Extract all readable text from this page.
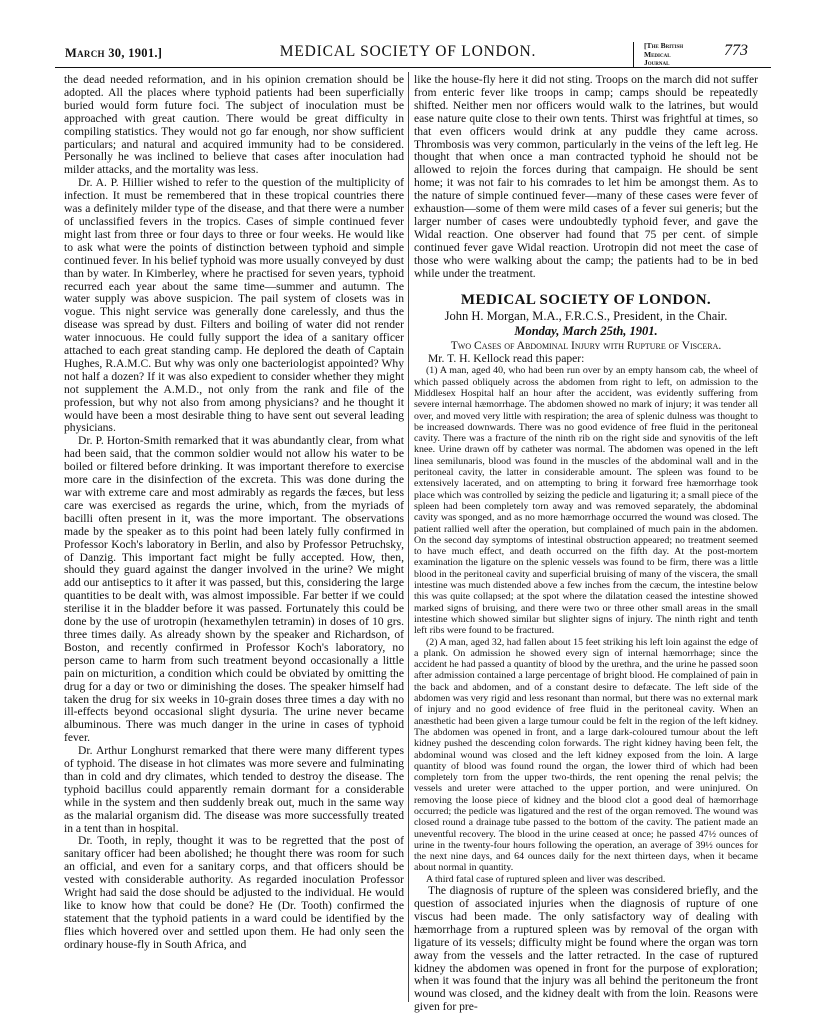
March 30, 1901.]	MEDICAL SOCIETY OF LONDON.	[The British Medical Journal
773

the dead needed reformation, and in his opinion cremation should be adopted. All the places where typhoid patients had been superficially buried would form future foci. The subject of inoculation must be approached with great caution. There would be great difficulty in compiling statistics. They would not go far enough, nor show sufficient particulars; and natural and acquired immunity had to be considered. Personally he was inclined to believe that cases after inoculation had milder attacks, and the mortality was less.

Dr. A. P. Hillier wished to refer to the question of the multiplicity of infection. It must be remembered that in these tropical countries there was a definitely milder type of the disease, and that there were a number of unclassified fevers in the tropics. Cases of simple continued fever might last from three or four days to three or four weeks. He would like to ask what were the points of distinction between typhoid and simple continued fever. In his belief typhoid was more usually conveyed by dust than by water. In Kimberley, where he practised for seven years, typhoid recurred each year about the same time—summer and autumn. The water supply was above suspicion. The pail system of closets was in vogue. This night service was generally done carelessly, and thus the disease was spread by dust. Filters and boiling of water did not render water innocuous. He could fully support the idea of a sanitary officer attached to each great standing camp. He deplored the death of Captain Hughes, R.A.M.C. But why was only one bacteriologist appointed? Why not half a dozen? If it was also expedient to consider whether they might not supplement the A.M.D., not only from the rank and file of the profession, but why not also from among physicians? and he thought it would have been a most desirable thing to have sent out several leading physicians.

Dr. P. Horton-Smith remarked that it was abundantly clear, from what had been said, that the common soldier would not allow his water to be boiled or filtered before drinking. It was important therefore to exercise more care in the disinfection of the excreta. This was done during the war with extreme care and most admirably as regards the fæces, but less care was exercised as regards the urine, which, from the myriads of bacilli often present in it, was the more important. The observations made by the speaker as to this point had been lately fully confirmed in Professor Koch's laboratory in Berlin, and also by Professor Petruchsky, of Danzig. This important fact might be fully accepted. How, then, should they guard against the danger involved in the urine? We might add our antiseptics to it after it was passed, but this, considering the large quantities to be dealt with, was almost impossible. Far better if we could sterilise it in the bladder before it was passed. Fortunately this could be done by the use of urotropin (hexamethylen tetramin) in doses of 10 grs. three times daily. As already shown by the speaker and Richardson, of Boston, and recently confirmed in Professor Koch's laboratory, no person came to harm from such treatment beyond occasionally a little pain on micturition, a condition which could be obviated by omitting the drug for a day or two or diminishing the doses. The speaker himself had taken the drug for six weeks in 10-grain doses three times a day with no ill-effects beyond occasional slight dysuria. The urine never became albuminous. There was much danger in the urine in cases of typhoid fever.

Dr. Arthur Longhurst remarked that there were many different types of typhoid. The disease in hot climates was more severe and fulminating than in cold and dry climates, which tended to destroy the disease. The typhoid bacillus could apparently remain dormant for a considerable while in the system and then suddenly break out, much in the same way as the malarial organism did. The disease was more successfully treated in a tent than in hospital.

Dr. Tooth, in reply, thought it was to be regretted that the post of sanitary officer had been abolished; he thought there was room for such an official, and even for a sanitary corps, and that officers should be vested with considerable authority. As regarded inoculation Professor Wright had said the dose should be adjusted to the individual. He would like to know how that could be done? He (Dr. Tooth) confirmed the statement that the typhoid patients in a ward could be identified by the flies which hovered over and settled upon them. He had only seen the ordinary house-fly in South Africa, and

like the house-fly here it did not sting. Troops on the march did not suffer from enteric fever like troops in camp; camps should be repeatedly shifted. Neither men nor officers would walk to the latrines, but would ease nature quite close to their own tents. Thirst was frightful at times, so that even officers would drink at any puddle they came across. Thrombosis was very common, particularly in the veins of the left leg. He thought that when once a man contracted typhoid he should not be allowed to rejoin the forces during that campaign. He should be sent home; it was not fair to his comrades to let him be amongst them. As to the nature of simple continued fever—many of these cases were fever of exhaustion—some of them were mild cases of a fever sui generis; but the larger number of cases were undoubtedly typhoid fever, and gave the Widal reaction. One observer had found that 75 per cent. of simple continued fever gave Widal reaction. Urotropin did not meet the case of those who were walking about the camp; the patients had to be in bed while under the treatment.

MEDICAL SOCIETY OF LONDON.
John H. Morgan, M.A., F.R.C.S., President, in the Chair.
Monday, March 25th, 1901.
Two Cases of Abdominal Injury with Rupture of Viscera.

Mr. T. H. Kellock read this paper:

(1) A man, aged 40, who had been run over by an empty hansom cab, the wheel of which passed obliquely across the abdomen from right to left, on admission to the Middlesex Hospital half an hour after the accident, was evidently suffering from severe internal hæmorrhage. The abdomen showed no mark of injury; it was tender all over, and moved very little with respiration; the area of splenic dulness was thought to be increased downwards. There was no good evidence of free fluid in the peritoneal cavity. There was a fracture of the ninth rib on the right side and synovitis of the left knee. Urine drawn off by catheter was normal. The abdomen was opened in the left linea semilunaris, blood was found in the muscles of the abdominal wall and in the peritoneal cavity, the latter in considerable amount. The spleen was found to be extensively lacerated, and on attempting to bring it forward free hæmorrhage took place which was controlled by seizing the pedicle and ligaturing it; a small piece of the spleen had been completely torn away and was removed separately, the abdominal cavity was sponged, and as no more hæmorrhage occurred the wound was closed. The patient rallied well after the operation, but complained of much pain in the abdomen. On the second day symptoms of intestinal obstruction appeared; no treatment seemed to have much effect, and death occurred on the fifth day. At the post-mortem examination the ligature on the splenic vessels was found to be firm, there was a little blood in the peritoneal cavity and superficial bruising of many of the viscera, the small intestine was much distended above a few inches from the cæcum, the intestine below this was quite collapsed; at the spot where the dilatation ceased the intestine showed marked signs of bruising, and there were two or three other small areas in the small intestine which showed similar but slighter signs of injury. The ninth right and tenth left ribs were found to be fractured.

(2) A man, aged 32, had fallen about 15 feet striking his left loin against the edge of a plank. On admission he showed every sign of internal hæmorrhage; since the accident he had passed a quantity of blood by the urethra, and the urine he passed soon after admission contained a large percentage of bright blood. He complained of pain in the back and abdomen, and of a constant desire to defæcate. The left side of the abdomen was very rigid and less resonant than normal, but there was no external mark of injury and no good evidence of free fluid in the peritoneal cavity. When an anæsthetic had been given a large tumour could be felt in the region of the left kidney. The abdomen was opened in front, and a large dark-coloured tumour about the left kidney pushed the descending colon forwards. The right kidney having been felt, the abdominal wound was closed and the left kidney exposed from the loin. A large quantity of blood was found round the organ, the lower third of which had been completely torn from the upper two-thirds, the rent opening the renal pelvis; the vessels and ureter were attached to the upper portion, and were uninjured. On removing the loose piece of kidney and the blood clot a good deal of hæmorrhage occurred; the pedicle was ligatured and the rest of the organ removed. The wound was closed round a drainage tube passed to the bottom of the cavity. The patient made an uneventful recovery. The blood in the urine ceased at once; he passed 47½ ounces of urine in the twenty-four hours following the operation, an average of 39½ ounces for the next nine days, and 64 ounces daily for the next thirteen days, when it became about normal in quantity.

A third fatal case of ruptured spleen and liver was described.

The diagnosis of rupture of the spleen was considered briefly, and the question of associated injuries when the diagnosis of rupture of one viscus had been made. The only satisfactory way of dealing with hæmorrhage from a ruptured spleen was by removal of the organ with ligature of its vessels; difficulty might be found where the organ was torn away from the vessels and the latter retracted. In the case of ruptured kidney the abdomen was opened in front for the purpose of exploration; when it was found that the injury was all behind the peritoneum the front wound was closed, and the kidney dealt with from the loin. Reasons were given for pre-
